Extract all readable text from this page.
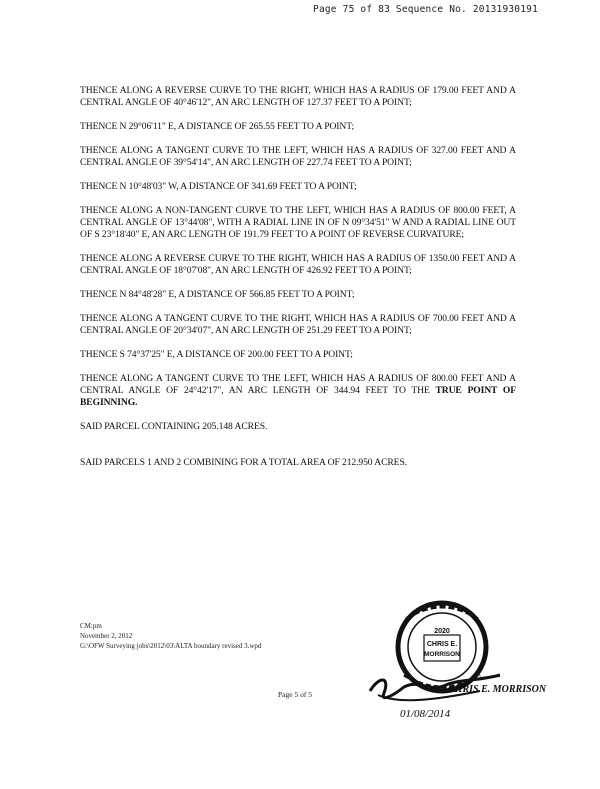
Page 75 of 83 Sequence No. 20131930191

THENCE ALONG A REVERSE CURVE TO THE RIGHT, WHICH HAS A RADIUS OF 179.00 FEET AND A CENTRAL ANGLE OF 40°46'12", AN ARC LENGTH OF 127.37 FEET TO A POINT;

THENCE N 29°06'11" E, A DISTANCE OF 265.55 FEET TO A POINT;

THENCE ALONG A TANGENT CURVE TO THE LEFT, WHICH HAS A RADIUS OF 327.00 FEET AND A CENTRAL ANGLE OF 39°54'14", AN ARC LENGTH OF 227.74 FEET TO A POINT;

THENCE N 10°48'03" W, A DISTANCE OF 341.69 FEET TO A POINT;

THENCE ALONG A NON-TANGENT CURVE TO THE LEFT, WHICH HAS A RADIUS OF 800.00 FEET, A CENTRAL ANGLE OF 13°44'08", WITH A RADIAL LINE IN OF N 09°34'51" W AND A RADIAL LINE OUT OF S 23°18'40" E, AN ARC LENGTH OF 191.79 FEET TO A POINT OF REVERSE CURVATURE;

THENCE ALONG A REVERSE CURVE TO THE RIGHT, WHICH HAS A RADIUS OF 1350.00 FEET AND A CENTRAL ANGLE OF 18°07'08", AN ARC LENGTH OF 426.92 FEET TO A POINT;

THENCE N 84°48'28" E, A DISTANCE OF 566.85 FEET TO A POINT;

THENCE ALONG A TANGENT CURVE TO THE RIGHT, WHICH HAS A RADIUS OF 700.00 FEET AND A CENTRAL ANGLE OF 20°34'07", AN ARC LENGTH OF 251.29 FEET TO A POINT;

THENCE S 74°37'25" E, A DISTANCE OF 200.00 FEET TO A POINT;

THENCE ALONG A TANGENT CURVE TO THE LEFT, WHICH HAS A RADIUS OF 800.00 FEET AND A CENTRAL ANGLE OF 24°42'17", AN ARC LENGTH OF 344.94 FEET TO THE TRUE POINT OF BEGINNING.

SAID PARCEL CONTAINING 205.148 ACRES.

SAID PARCELS 1 AND 2 COMBINING FOR A TOTAL AREA OF 212.950 ACRES.

CM:pm
November 2, 2012
G:\OFW Surveying jobs\2012\03\ALTA boundary revised 3.wpd
Page 5 of 5
2020
CHRIS E.
MORRISON
CHRIS E. MORRISON
01/08/2014
